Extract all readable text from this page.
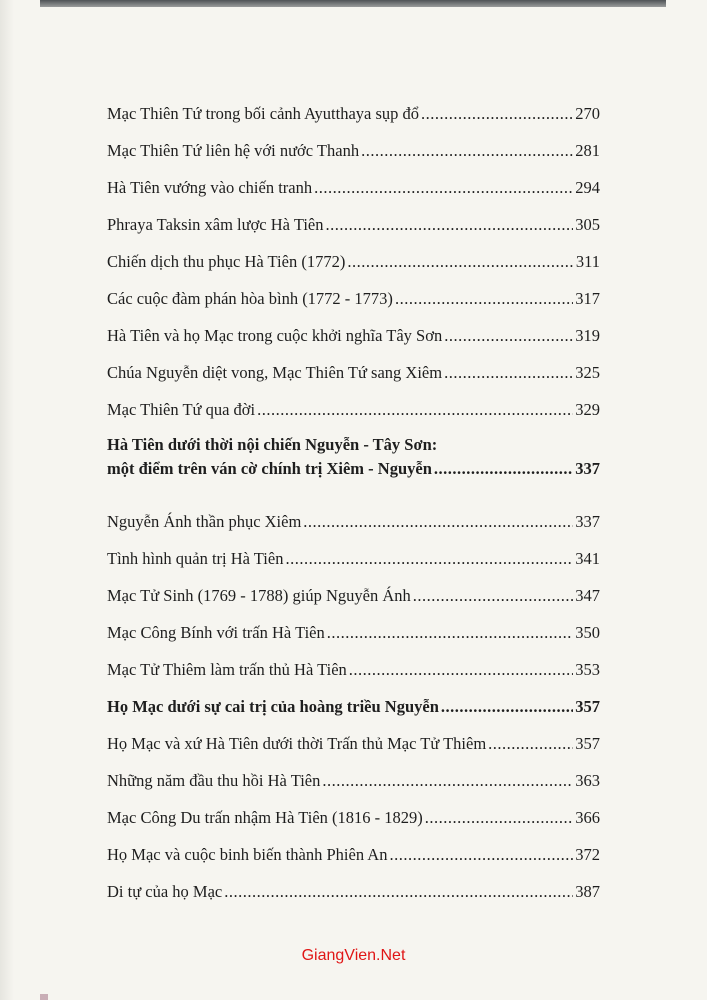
Mạc Thiên Tứ trong bối cảnh Ayutthaya sụp đổ .....	270
Mạc Thiên Tứ liên hệ với nước Thanh .....	281
Hà Tiên vướng vào chiến tranh .....	294
Phraya Taksin xâm lược Hà Tiên .....	305
Chiến dịch thu phục Hà Tiên (1772) .....	311
Các cuộc đàm phán hòa bình (1772 - 1773) .....	317
Hà Tiên và họ Mạc trong cuộc khởi nghĩa Tây Sơn .....	319
Chúa Nguyễn diệt vong, Mạc Thiên Tứ sang Xiêm .....	325
Mạc Thiên Tứ qua đời .....	329
Hà Tiên dưới thời nội chiến Nguyễn - Tây Sơn:
một điểm trên ván cờ chính trị Xiêm - Nguyễn .....	337
Nguyễn Ánh thần phục Xiêm .....	337
Tình hình quản trị Hà Tiên .....	341
Mạc Tử Sinh (1769 - 1788) giúp Nguyễn Ánh .....	347
Mạc Công Bính với trấn Hà Tiên .....	350
Mạc Tử Thiêm làm trấn thủ Hà Tiên .....	353
Họ Mạc dưới sự cai trị của hoàng triều Nguyễn .....	357
Họ Mạc và xứ Hà Tiên dưới thời Trấn thủ Mạc Tử Thiêm .....	357
Những năm đầu thu hồi Hà Tiên .....	363
Mạc Công Du trấn nhậm Hà Tiên (1816 - 1829) .....	366
Họ Mạc và cuộc binh biến thành Phiên An .....	372
Di tự của họ Mạc .....	387
GiangVien.Net
